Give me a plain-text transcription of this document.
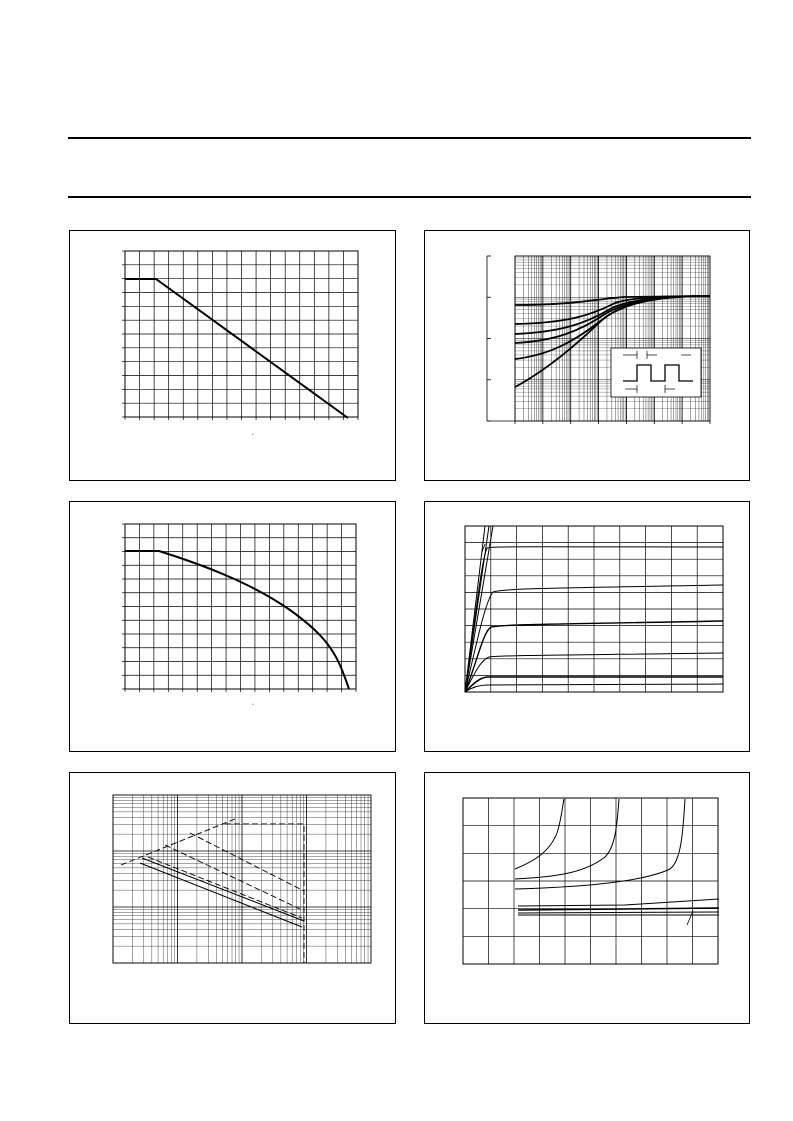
*
*
